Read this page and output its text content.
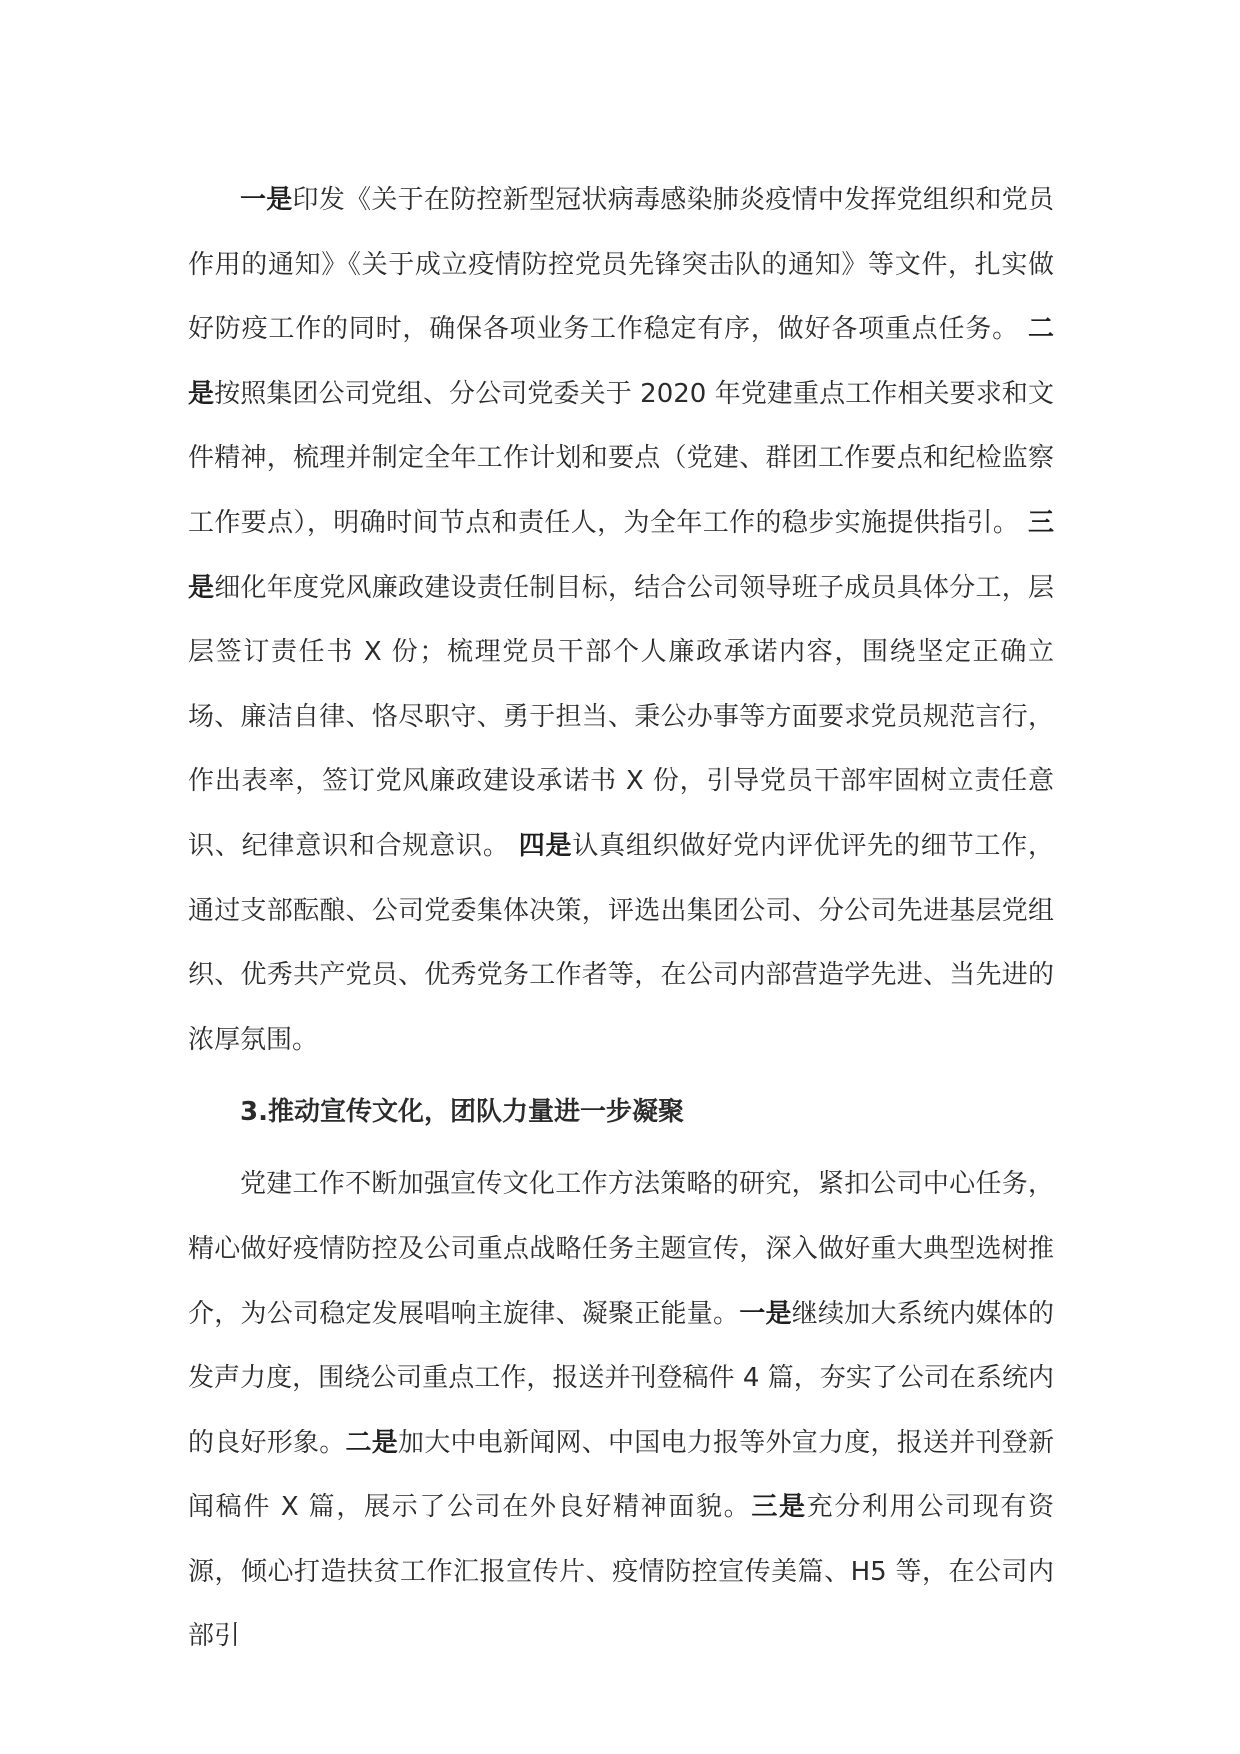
一是印发《关于在防控新型冠状病毒感染肺炎疫情中发挥党组织和党员作用的通知》《关于成立疫情防控党员先锋突击队的通知》等文件，扎实做好防疫工作的同时，确保各项业务工作稳定有序，做好各项重点任务。 二是按照集团公司党组、分公司党委关于 2020 年党建重点工作相关要求和文件精神，梳理并制定全年工作计划和要点（党建、群团工作要点和纪检监察工作要点），明确时间节点和责任人，为全年工作的稳步实施提供指引。 三是细化年度党风廉政建设责任制目标，结合公司领导班子成员具体分工，层层签订责任书 X 份；梳理党员干部个人廉政承诺内容，围绕坚定正确立场、廉洁自律、恪尽职守、勇于担当、秉公办事等方面要求党员规范言行，作出表率，签订党风廉政建设承诺书 X 份，引导党员干部牢固树立责任意识、纪律意识和合规意识。 四是认真组织做好党内评优评先的细节工作，通过支部酝酿、公司党委集体决策，评选出集团公司、分公司先进基层党组织、优秀共产党员、优秀党务工作者等，在公司内部营造学先进、当先进的浓厚氛围。

3.推动宣传文化，团队力量进一步凝聚

党建工作不断加强宣传文化工作方法策略的研究，紧扣公司中心任务，精心做好疫情防控及公司重点战略任务主题宣传，深入做好重大典型选树推介，为公司稳定发展唱响主旋律、凝聚正能量。一是继续加大系统内媒体的发声力度，围绕公司重点工作，报送并刊登稿件 4 篇，夯实了公司在系统内的良好形象。二是加大中电新闻网、中国电力报等外宣力度，报送并刊登新闻稿件 X 篇，展示了公司在外良好精神面貌。三是充分利用公司现有资源，倾心打造扶贫工作汇报宣传片、疫情防控宣传美篇、H5 等，在公司内部引
